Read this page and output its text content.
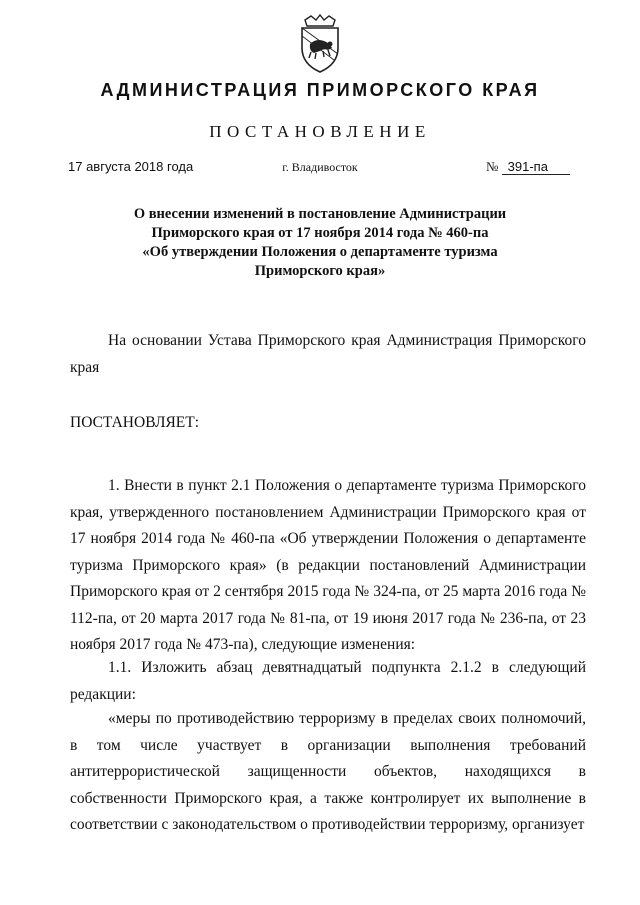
АДМИНИСТРАЦИЯ ПРИМОРСКОГО КРАЯ
ПОСТАНОВЛЕНИЕ
17 августа 2018 года	г. Владивосток	№ 391-па
О внесении изменений в постановление Администрации
Приморского края от 17 ноября 2014 года № 460-па
«Об утверждении Положения о департаменте туризма
Приморского края»

На основании Устава Приморского края Администрация Приморского края

ПОСТАНОВЛЯЕТ:

1. Внести в пункт 2.1 Положения о департаменте туризма Приморского края, утвержденного постановлением Администрации Приморского края от 17 ноября 2014 года № 460-па «Об утверждении Положения о департаменте туризма Приморского края» (в редакции постановлений Администрации Приморского края от 2 сентября 2015 года № 324-па, от 25 марта 2016 года № 112-па, от 20 марта 2017 года № 81-па, от 19 июня 2017 года № 236-па, от 23 ноября 2017 года № 473-па), следующие изменения:

1.1. Изложить абзац девятнадцатый подпункта 2.1.2 в следующий редакции:

«меры по противодействию терроризму в пределах своих полномочий, в том числе участвует в организации выполнения требований антитеррористической защищенности объектов, находящихся в собственности Приморского края, а также контролирует их выполнение в соответствии с законодательством о противодействии терроризму, организует
